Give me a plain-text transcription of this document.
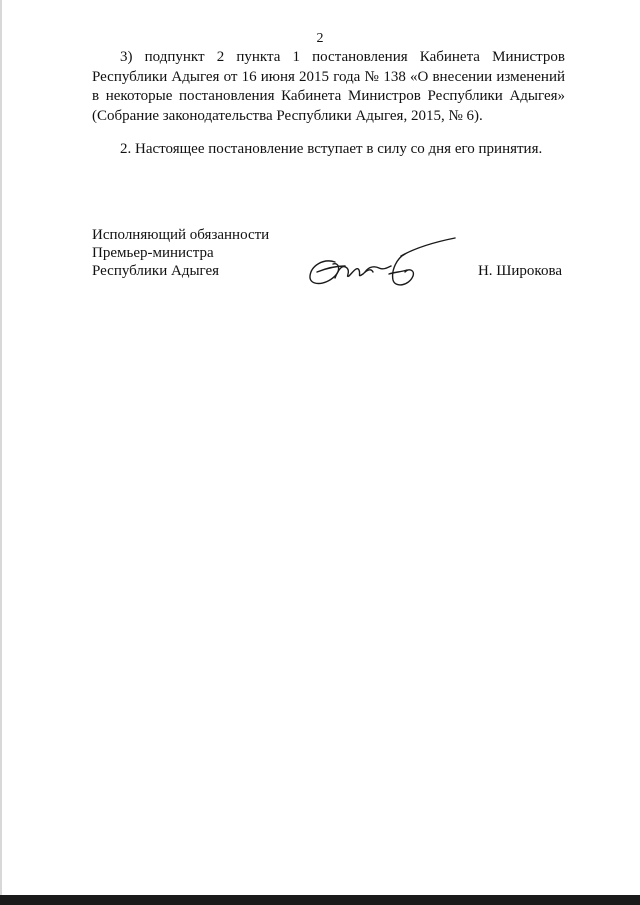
2

3) подпункт 2 пункта 1 постановления Кабинета Министров Республики Адыгея от 16 июня 2015 года № 138 «О внесении изменений в некоторые постановления Кабинета Министров Республики Адыгея» (Собрание законодательства Республики Адыгея, 2015, № 6).

2. Настоящее постановление вступает в силу со дня его принятия.

Исполняющий обязанности
Премьер-министра
Республики Адыгея	Н. Широкова
